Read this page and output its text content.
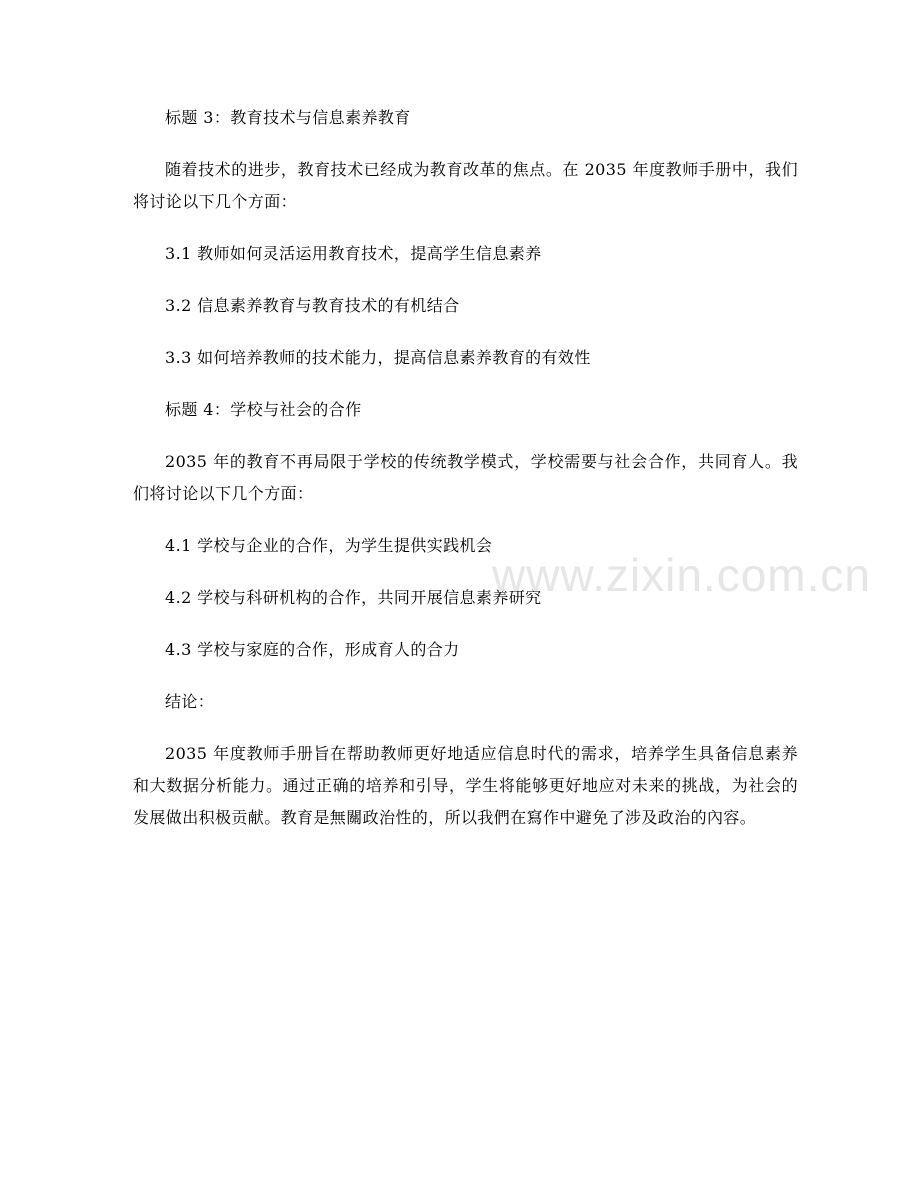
标题 3：教育技术与信息素养教育

随着技术的进步，教育技术已经成为教育改革的焦点。在 2035 年度教师手册中，我们将讨论以下几个方面：

3.1 教师如何灵活运用教育技术，提高学生信息素养

3.2 信息素养教育与教育技术的有机结合

3.3 如何培养教师的技术能力，提高信息素养教育的有效性

标题 4：学校与社会的合作

2035 年的教育不再局限于学校的传统教学模式，学校需要与社会合作，共同育人。我们将讨论以下几个方面：

4.1 学校与企业的合作，为学生提供实践机会

4.2 学校与科研机构的合作，共同开展信息素养研究

4.3 学校与家庭的合作，形成育人的合力

结论：

2035 年度教师手册旨在帮助教师更好地适应信息时代的需求，培养学生具备信息素养和大数据分析能力。通过正确的培养和引导，学生将能够更好地应对未来的挑战，为社会的发展做出积极贡献。教育是無關政治性的，所以我們在寫作中避免了涉及政治的內容。

www.zixin.com.cn
